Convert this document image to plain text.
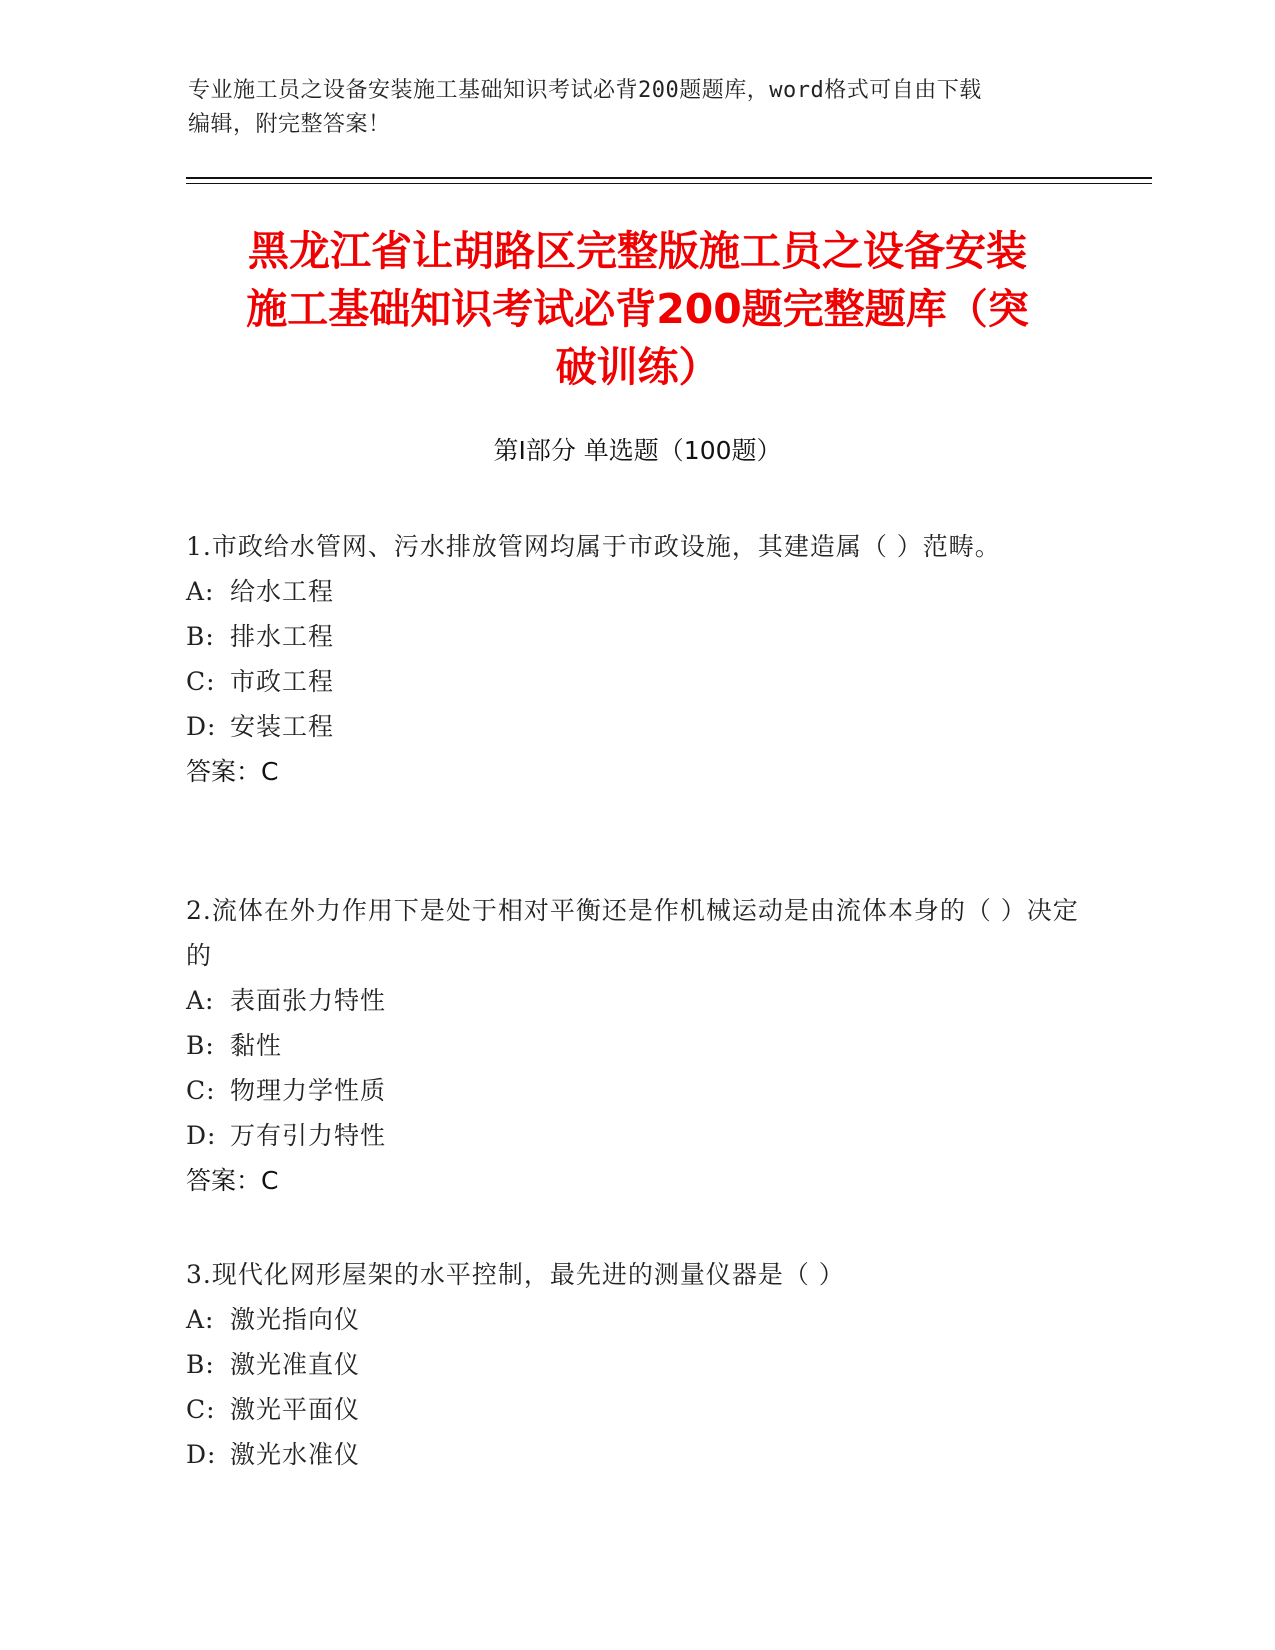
专业施工员之设备安装施工基础知识考试必背200题题库，word格式可自由下载
编辑，附完整答案！
黑龙江省让胡路区完整版施工员之设备安装
施工基础知识考试必背200题完整题库（突
破训练）
第Ⅰ部分 单选题（100题）
1.市政给水管网、污水排放管网均属于市政设施，其建造属（ ）范畴。
A: 给水工程
B: 排水工程
C: 市政工程
D: 安装工程
答案：C
2.流体在外力作用下是处于相对平衡还是作机械运动是由流体本身的（ ）决定的
A: 表面张力特性
B: 黏性
C: 物理力学性质
D: 万有引力特性
答案：C
3.现代化网形屋架的水平控制，最先进的测量仪器是（ ）
A: 激光指向仪
B: 激光准直仪
C: 激光平面仪
D: 激光水准仪
